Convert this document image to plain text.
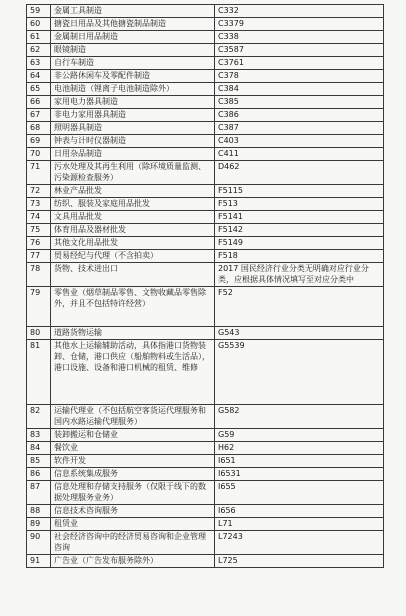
59	金属工具制造	C332
60	搪瓷日用品及其他搪瓷制品制造	C3379
61	金属制日用品制造	C338
62	眼镜制造	C3587
63	自行车制造	C3761
64	非公路休闲车及零配件制造	C378
65	电池制造（锂离子电池制造除外）	C384
66	家用电力器具制造	C385
67	非电力家用器具制造	C386
68	照明器具制造	C387
69	钟表与计时仪器制造	C403
70	日用杂品制造	C411
71	污水处理及其再生利用（除环境质量监测、污染源检查服务）	D462
72	林业产品批发	F5115
73	纺织、服装及家庭用品批发	F513
74	文具用品批发	F5141
75	体育用品及器材批发	F5142
76	其他文化用品批发	F5149
77	贸易经纪与代理（不含拍卖）	F518
78	货物、技术进出口	2017 国民经济行业分类无明确对应行业分类，应根据具体情况填写至对应分类中
79	零售业（烟草制品零售、文物收藏品零售除外，并且不包括特许经营）	F52
80	道路货物运输	G543
81	其他水上运输辅助活动，具体指港口货物装卸、仓储，港口供应（船舶物料或生活品），港口设施、设备和港口机械的租赁、维修	G5539
82	运输代理业（不包括航空客货运代理服务和国内水路运输代理服务）	G582
83	装卸搬运和仓储业	G59
84	餐饮业	H62
85	软件开发	I651
86	信息系统集成服务	I6531
87	信息处理和存储支持服务（仅限于线下的数据处理服务业务）	I655
88	信息技术咨询服务	I656
89	租赁业	L71
90	社会经济咨询中的经济贸易咨询和企业管理咨询	L7243
91	广告业（广告发布服务除外）	L725
